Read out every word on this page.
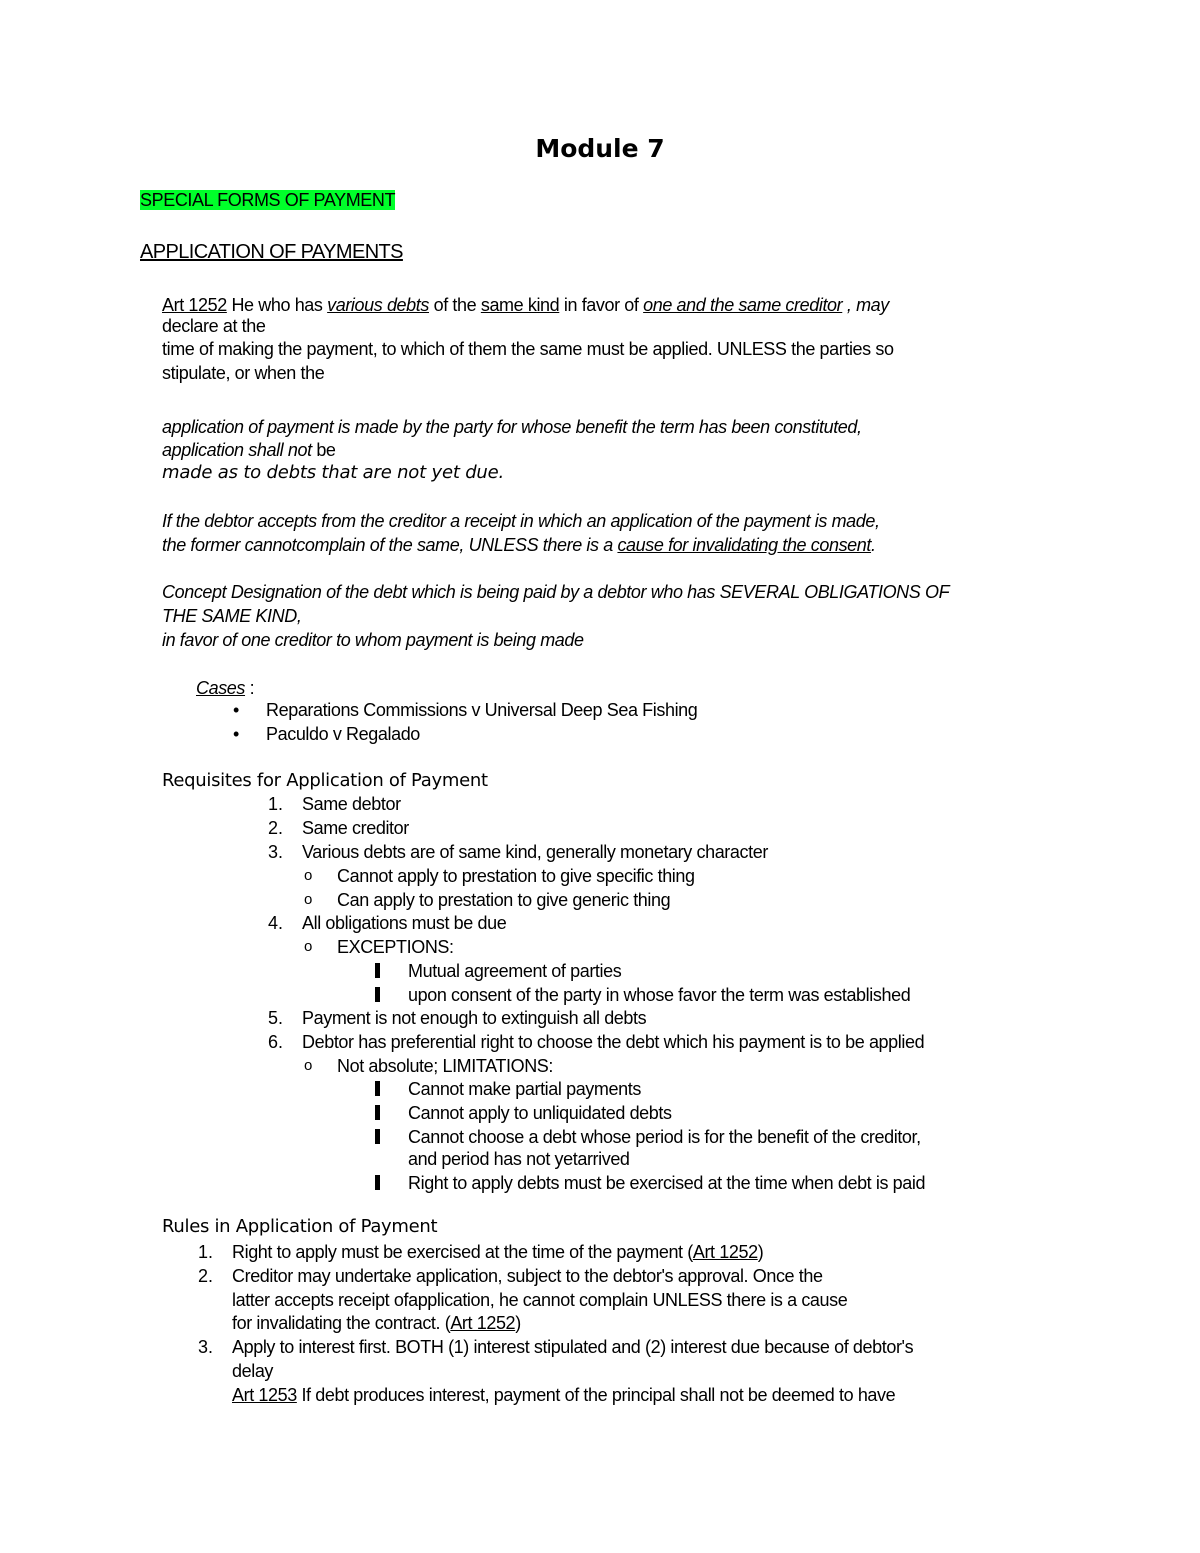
Module 7
SPECIAL FORMS OF PAYMENT
APPLICATION OF PAYMENTS
Art 1252 He who has various debts of the same kind in favor of one and the same creditor , may
declare at the
time of making the payment, to which of them the same must be applied. UNLESS the parties so
stipulate, or when the
application of payment is made by the party for whose benefit the term has been constituted,
application shall not be
made as to debts that are not yet due.
If the debtor accepts from the creditor a receipt in which an application of the payment is made,
the former cannotcomplain of the same, UNLESS there is a cause for invalidating the consent.
Concept Designation of the debt which is being paid by a debtor who has SEVERAL OBLIGATIONS OF
THE SAME KIND,
in favor of one creditor to whom payment is being made
Cases :
• Reparations Commissions v Universal Deep Sea Fishing
• Paculdo v Regalado
Requisites for Application of Payment
1. Same debtor
2. Same creditor
3. Various debts are of same kind, generally monetary character
o Cannot apply to prestation to give specific thing
o Can apply to prestation to give generic thing
4. All obligations must be due
o EXCEPTIONS:
Mutual agreement of parties
upon consent of the party in whose favor the term was established
5. Payment is not enough to extinguish all debts
6. Debtor has preferential right to choose the debt which his payment is to be applied
o Not absolute; LIMITATIONS:
Cannot make partial payments
Cannot apply to unliquidated debts
Cannot choose a debt whose period is for the benefit of the creditor,
and period has not yetarrived
Right to apply debts must be exercised at the time when debt is paid
Rules in Application of Payment
1. Right to apply must be exercised at the time of the payment (Art 1252)
2. Creditor may undertake application, subject to the debtor's approval. Once the
latter accepts receipt ofapplication, he cannot complain UNLESS there is a cause
for invalidating the contract. (Art 1252)
3. Apply to interest first. BOTH (1) interest stipulated and (2) interest due because of debtor's
delay
Art 1253 If debt produces interest, payment of the principal shall not be deemed to have
